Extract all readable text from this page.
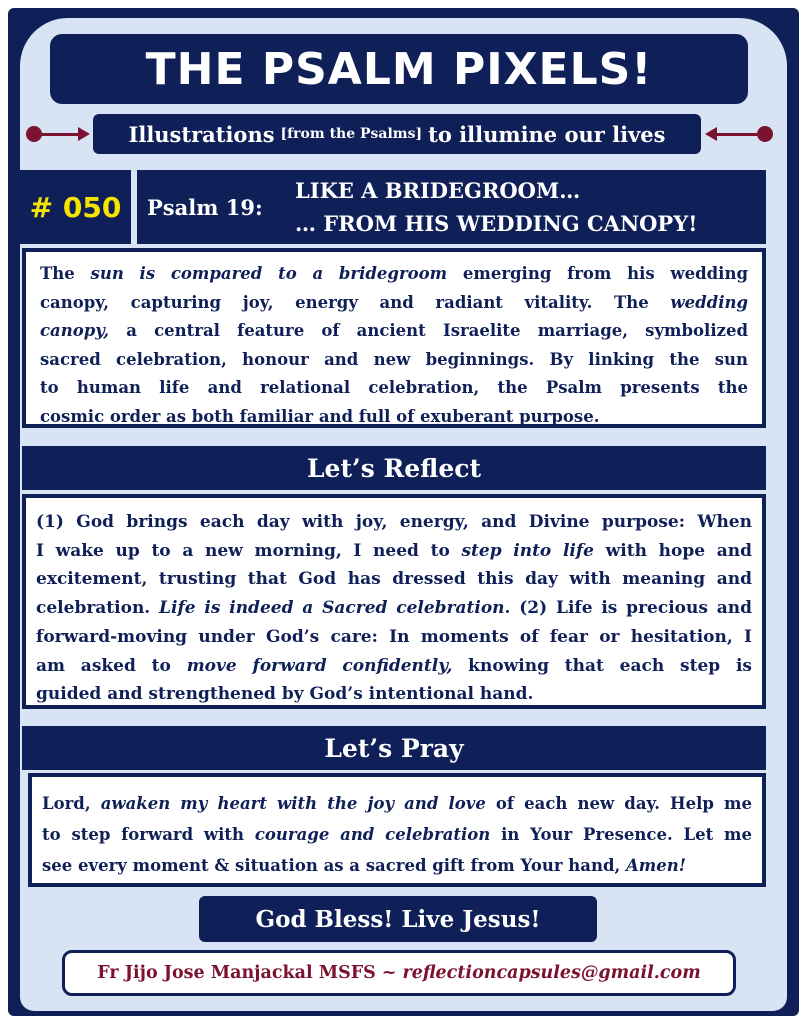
THE PSALM PIXELS!
Illustrations [from the Psalms] to illumine our lives
# 050	Psalm 19:
LIKE A BRIDEGROOM…
… FROM HIS WEDDING CANOPY!
The sun is compared to a bridegroom emerging from his wedding
canopy, capturing joy, energy and radiant vitality. The wedding
canopy, a central feature of ancient Israelite marriage, symbolized
sacred celebration, honour and new beginnings. By linking the sun
to human life and relational celebration, the Psalm presents the
cosmic order as both familiar and full of exuberant purpose.
Let’s Reflect
(1) God brings each day with joy, energy, and Divine purpose: When
I wake up to a new morning, I need to step into life with hope and
excitement, trusting that God has dressed this day with meaning and
celebration. Life is indeed a Sacred celebration. (2) Life is precious and
forward-moving under God’s care: In moments of fear or hesitation, I
am asked to move forward confidently, knowing that each step is
guided and strengthened by God’s intentional hand.
Let’s Pray
Lord, awaken my heart with the joy and love of each new day. Help me
to step forward with courage and celebration in Your Presence. Let me
see every moment & situation as a sacred gift from Your hand, Amen!
God Bless! Live Jesus!
Fr Jijo Jose Manjackal MSFS ~ reflectioncapsules@gmail.com
